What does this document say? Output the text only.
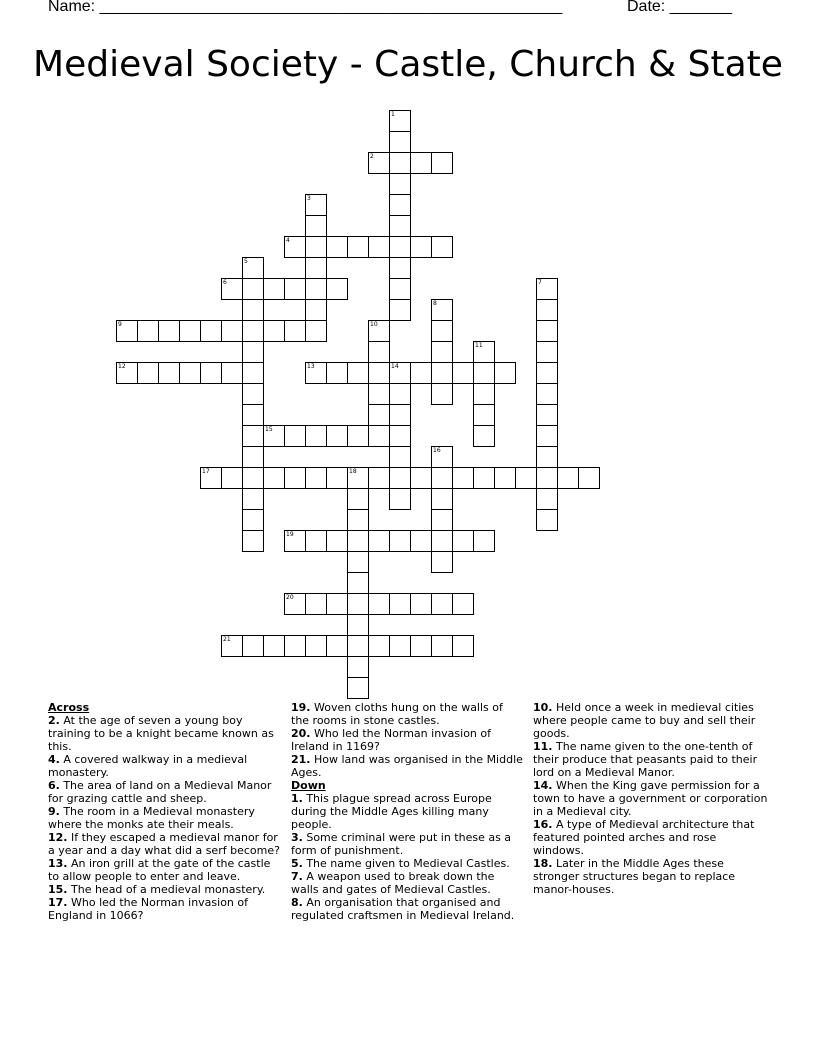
Name: ____________________________________________________	Date: _______
Medieval Society - Castle, Church & State
1
2
3
4
5
6	7
8
9	10
11
12	13	14
15
16
17	18
19
20
21
Across
2. At the age of seven a young boy training to be a knight became known as this.
4. A covered walkway in a medieval monastery.
6. The area of land on a Medieval Manor for grazing cattle and sheep.
9. The room in a Medieval monastery where the monks ate their meals.
12. If they escaped a medieval manor for a year and a day what did a serf become?
13. An iron grill at the gate of the castle to allow people to enter and leave.
15. The head of a medieval monastery.
17. Who led the Norman invasion of England in 1066?
19. Woven cloths hung on the walls of the rooms in stone castles.
20. Who led the Norman invasion of Ireland in 1169?
21. How land was organised in the Middle Ages.
Down
1. This plague spread across Europe during the Middle Ages killing many people.
3. Some criminal were put in these as a form of punishment.
5. The name given to Medieval Castles.
7. A weapon used to break down the walls and gates of Medieval Castles.
8. An organisation that organised and regulated craftsmen in Medieval Ireland.
10. Held once a week in medieval cities where people came to buy and sell their goods.
11. The name given to the one-tenth of their produce that peasants paid to their lord on a Medieval Manor.
14. When the King gave permission for a town to have a government or corporation in a Medieval city.
16. A type of Medieval architecture that featured pointed arches and rose windows.
18. Later in the Middle Ages these stronger structures began to replace manor-houses.
